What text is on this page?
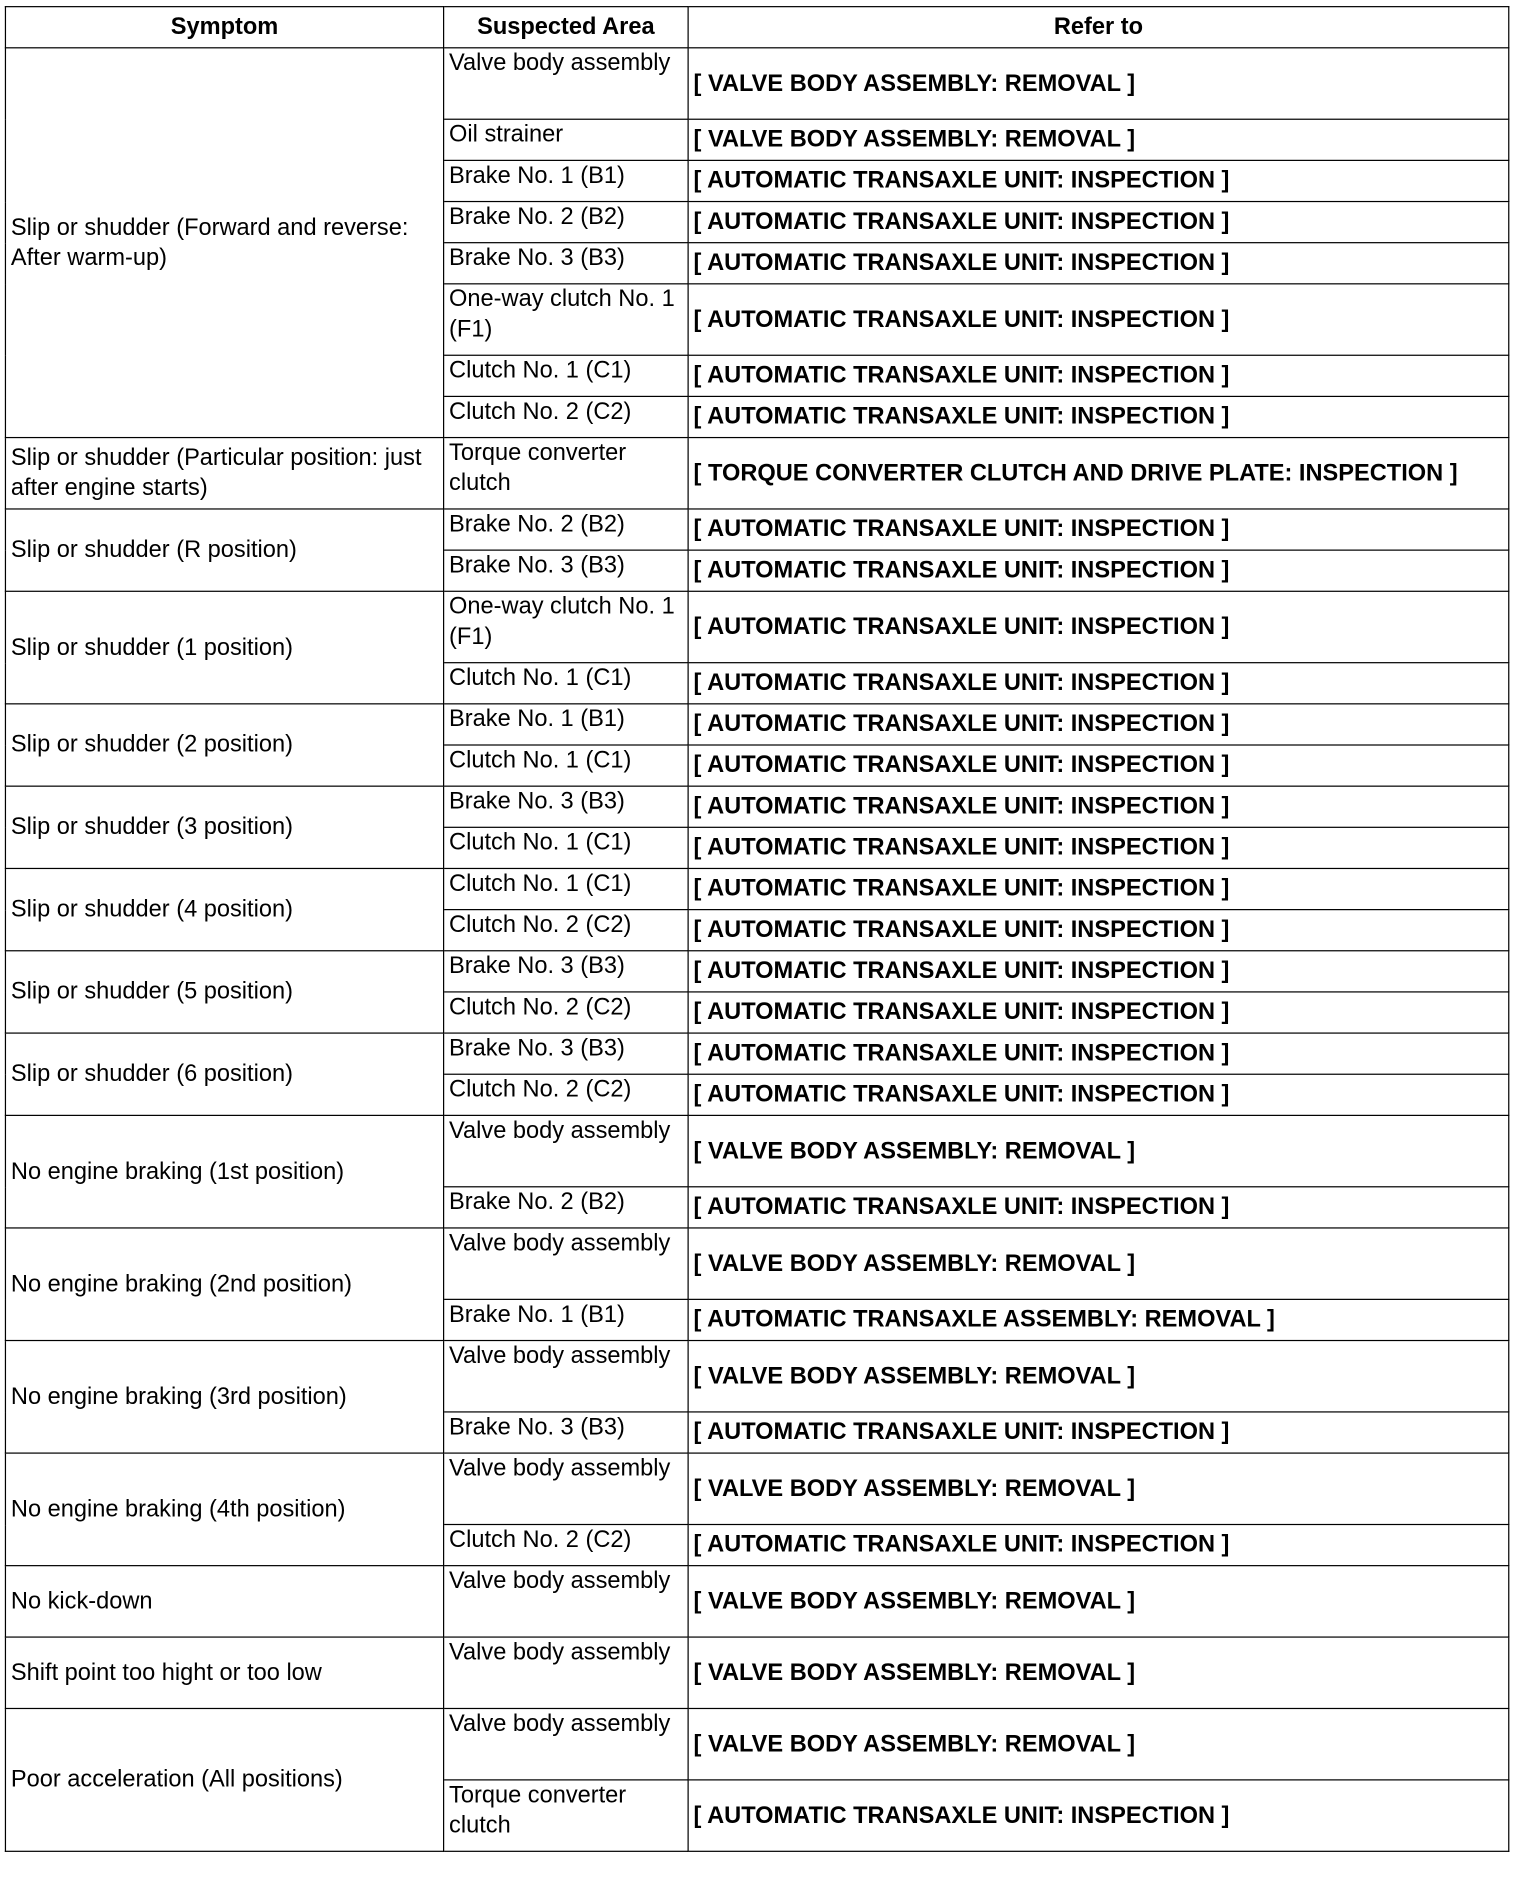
Symptom	Suspected Area	Refer to
Slip or shudder (Forward and reverse: After warm-up)	Valve body assembly	[ VALVE BODY ASSEMBLY: REMOVAL ]
	Oil strainer	[ VALVE BODY ASSEMBLY: REMOVAL ]
	Brake No. 1 (B1)	[ AUTOMATIC TRANSAXLE UNIT: INSPECTION ]
	Brake No. 2 (B2)	[ AUTOMATIC TRANSAXLE UNIT: INSPECTION ]
	Brake No. 3 (B3)	[ AUTOMATIC TRANSAXLE UNIT: INSPECTION ]
	One-way clutch No. 1 (F1)	[ AUTOMATIC TRANSAXLE UNIT: INSPECTION ]
	Clutch No. 1 (C1)	[ AUTOMATIC TRANSAXLE UNIT: INSPECTION ]
	Clutch No. 2 (C2)	[ AUTOMATIC TRANSAXLE UNIT: INSPECTION ]
Slip or shudder (Particular position: just after engine starts)	Torque converter clutch	[ TORQUE CONVERTER CLUTCH AND DRIVE PLATE: INSPECTION ]
Slip or shudder (R position)	Brake No. 2 (B2)	[ AUTOMATIC TRANSAXLE UNIT: INSPECTION ]
	Brake No. 3 (B3)	[ AUTOMATIC TRANSAXLE UNIT: INSPECTION ]
Slip or shudder (1 position)	One-way clutch No. 1 (F1)	[ AUTOMATIC TRANSAXLE UNIT: INSPECTION ]
	Clutch No. 1 (C1)	[ AUTOMATIC TRANSAXLE UNIT: INSPECTION ]
Slip or shudder (2 position)	Brake No. 1 (B1)	[ AUTOMATIC TRANSAXLE UNIT: INSPECTION ]
	Clutch No. 1 (C1)	[ AUTOMATIC TRANSAXLE UNIT: INSPECTION ]
Slip or shudder (3 position)	Brake No. 3 (B3)	[ AUTOMATIC TRANSAXLE UNIT: INSPECTION ]
	Clutch No. 1 (C1)	[ AUTOMATIC TRANSAXLE UNIT: INSPECTION ]
Slip or shudder (4 position)	Clutch No. 1 (C1)	[ AUTOMATIC TRANSAXLE UNIT: INSPECTION ]
	Clutch No. 2 (C2)	[ AUTOMATIC TRANSAXLE UNIT: INSPECTION ]
Slip or shudder (5 position)	Brake No. 3 (B3)	[ AUTOMATIC TRANSAXLE UNIT: INSPECTION ]
	Clutch No. 2 (C2)	[ AUTOMATIC TRANSAXLE UNIT: INSPECTION ]
Slip or shudder (6 position)	Brake No. 3 (B3)	[ AUTOMATIC TRANSAXLE UNIT: INSPECTION ]
	Clutch No. 2 (C2)	[ AUTOMATIC TRANSAXLE UNIT: INSPECTION ]
No engine braking (1st position)	Valve body assembly	[ VALVE BODY ASSEMBLY: REMOVAL ]
	Brake No. 2 (B2)	[ AUTOMATIC TRANSAXLE UNIT: INSPECTION ]
No engine braking (2nd position)	Valve body assembly	[ VALVE BODY ASSEMBLY: REMOVAL ]
	Brake No. 1 (B1)	[ AUTOMATIC TRANSAXLE ASSEMBLY: REMOVAL ]
No engine braking (3rd position)	Valve body assembly	[ VALVE BODY ASSEMBLY: REMOVAL ]
	Brake No. 3 (B3)	[ AUTOMATIC TRANSAXLE UNIT: INSPECTION ]
No engine braking (4th position)	Valve body assembly	[ VALVE BODY ASSEMBLY: REMOVAL ]
	Clutch No. 2 (C2)	[ AUTOMATIC TRANSAXLE UNIT: INSPECTION ]
No kick-down	Valve body assembly	[ VALVE BODY ASSEMBLY: REMOVAL ]
Shift point too hight or too low	Valve body assembly	[ VALVE BODY ASSEMBLY: REMOVAL ]
Poor acceleration (All positions)	Valve body assembly	[ VALVE BODY ASSEMBLY: REMOVAL ]
	Torque converter clutch	[ AUTOMATIC TRANSAXLE UNIT: INSPECTION ]
